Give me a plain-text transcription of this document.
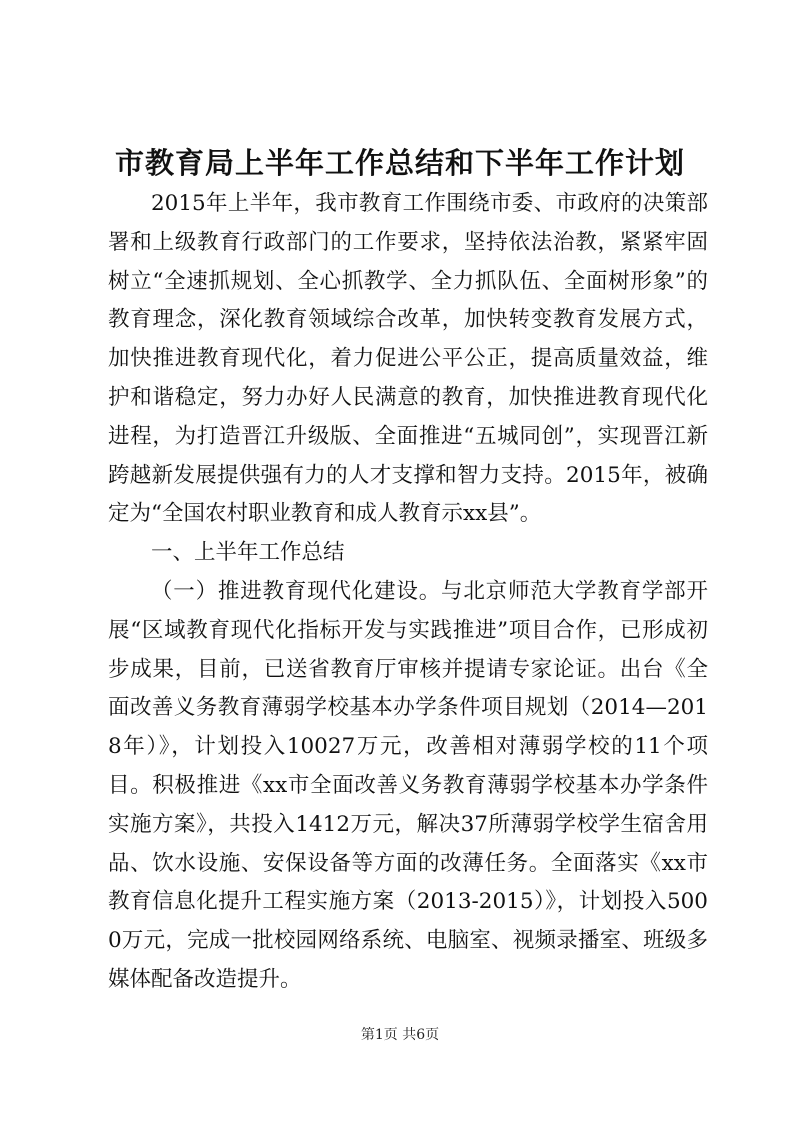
市教育局上半年工作总结和下半年工作计划

2015年上半年，我市教育工作围绕市委、市政府的决策部署和上级教育行政部门的工作要求，坚持依法治教，紧紧牢固树立“全速抓规划、全心抓教学、全力抓队伍、全面树形象”的教育理念，深化教育领域综合改革，加快转变教育发展方式，加快推进教育现代化，着力促进公平公正，提高质量效益，维护和谐稳定，努力办好人民满意的教育，加快推进教育现代化进程，为打造晋江升级版、全面推进“五城同创”，实现晋江新跨越新发展提供强有力的人才支撑和智力支持。2015年，被确定为“全国农村职业教育和成人教育示xx县”。

一、上半年工作总结

（一）推进教育现代化建设。与北京师范大学教育学部开展“区域教育现代化指标开发与实践推进”项目合作，已形成初步成果，目前，已送省教育厅审核并提请专家论证。出台《全面改善义务教育薄弱学校基本办学条件项目规划（2014—2018年）》，计划投入10027万元，改善相对薄弱学校的11个项目。积极推进《xx市全面改善义务教育薄弱学校基本办学条件实施方案》，共投入1412万元，解决37所薄弱学校学生宿舍用品、饮水设施、安保设备等方面的改薄任务。全面落实《xx市教育信息化提升工程实施方案（2013-2015）》，计划投入5000万元，完成一批校园网络系统、电脑室、视频录播室、班级多媒体配备改造提升。

第1页 共6页
